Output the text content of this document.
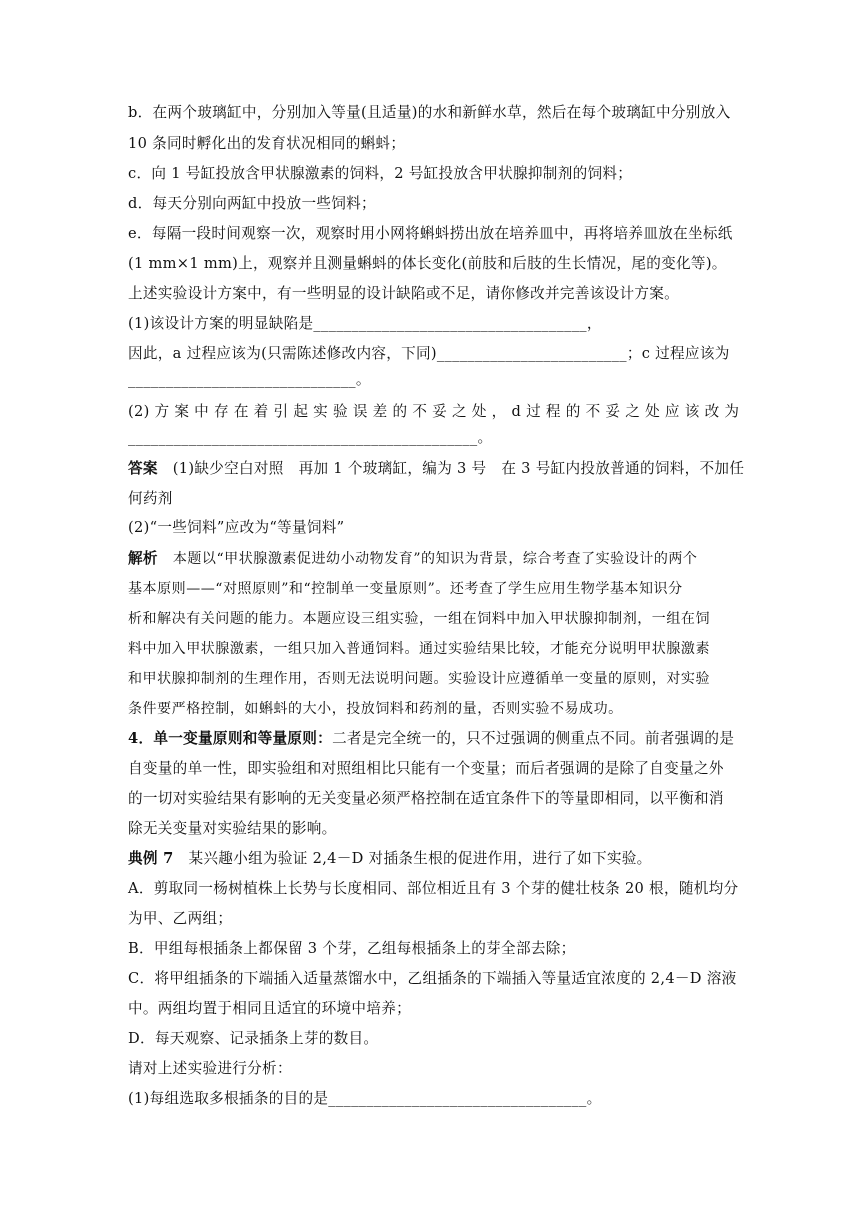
b．在两个玻璃缸中，分别加入等量(且适量)的水和新鲜水草，然后在每个玻璃缸中分别放入
10 条同时孵化出的发育状况相同的蝌蚪；
c．向 1 号缸投放含甲状腺激素的饲料，2 号缸投放含甲状腺抑制剂的饲料；
d．每天分别向两缸中投放一些饲料；
e．每隔一段时间观察一次，观察时用小网将蝌蚪捞出放在培养皿中，再将培养皿放在坐标纸
(1 mm×1 mm)上，观察并且测量蝌蚪的体长变化(前肢和后肢的生长情况，尾的变化等)。
上述实验设计方案中，有一些明显的设计缺陷或不足，请你修改并完善该设计方案。
(1)该设计方案的明显缺陷是____________________________________，
因此，a 过程应该为(只需陈述修改内容，下同)_________________________；c 过程应该为
______________________________。
(2) 方 案 中 存 在 着 引 起 实 验 误 差 的 不 妥 之 处 ， d 过 程 的 不 妥 之 处 应 该 改 为
______________________________________________。
答案 (1)缺少空白对照　再加 1 个玻璃缸，编为 3 号　在 3 号缸内投放普通的饲料，不加任
何药剂
(2)“一些饲料”应改为“等量饲料”
解析 本题以“甲状腺激素促进幼小动物发育”的知识为背景，综合考查了实验设计的两个
基本原则——“对照原则”和“控制单一变量原则”。还考查了学生应用生物学基本知识分
析和解决有关问题的能力。本题应设三组实验，一组在饲料中加入甲状腺抑制剂，一组在饲
料中加入甲状腺激素，一组只加入普通饲料。通过实验结果比较，才能充分说明甲状腺激素
和甲状腺抑制剂的生理作用，否则无法说明问题。实验设计应遵循单一变量的原则，对实验
条件要严格控制，如蝌蚪的大小，投放饲料和药剂的量，否则实验不易成功。
4．单一变量原则和等量原则：二者是完全统一的，只不过强调的侧重点不同。前者强调的是
自变量的单一性，即实验组和对照组相比只能有一个变量；而后者强调的是除了自变量之外
的一切对实验结果有影响的无关变量必须严格控制在适宜条件下的等量即相同，以平衡和消
除无关变量对实验结果的影响。
典例 7　某兴趣小组为验证 2,4－D 对插条生根的促进作用，进行了如下实验。
A．剪取同一杨树植株上长势与长度相同、部位相近且有 3 个芽的健壮枝条 20 根，随机均分
为甲、乙两组；
B．甲组每根插条上都保留 3 个芽，乙组每根插条上的芽全部去除；
C．将甲组插条的下端插入适量蒸馏水中，乙组插条的下端插入等量适宜浓度的 2,4－D 溶液
中。两组均置于相同且适宜的环境中培养；
D．每天观察、记录插条上芽的数目。
请对上述实验进行分析：
(1)每组选取多根插条的目的是__________________________________。
